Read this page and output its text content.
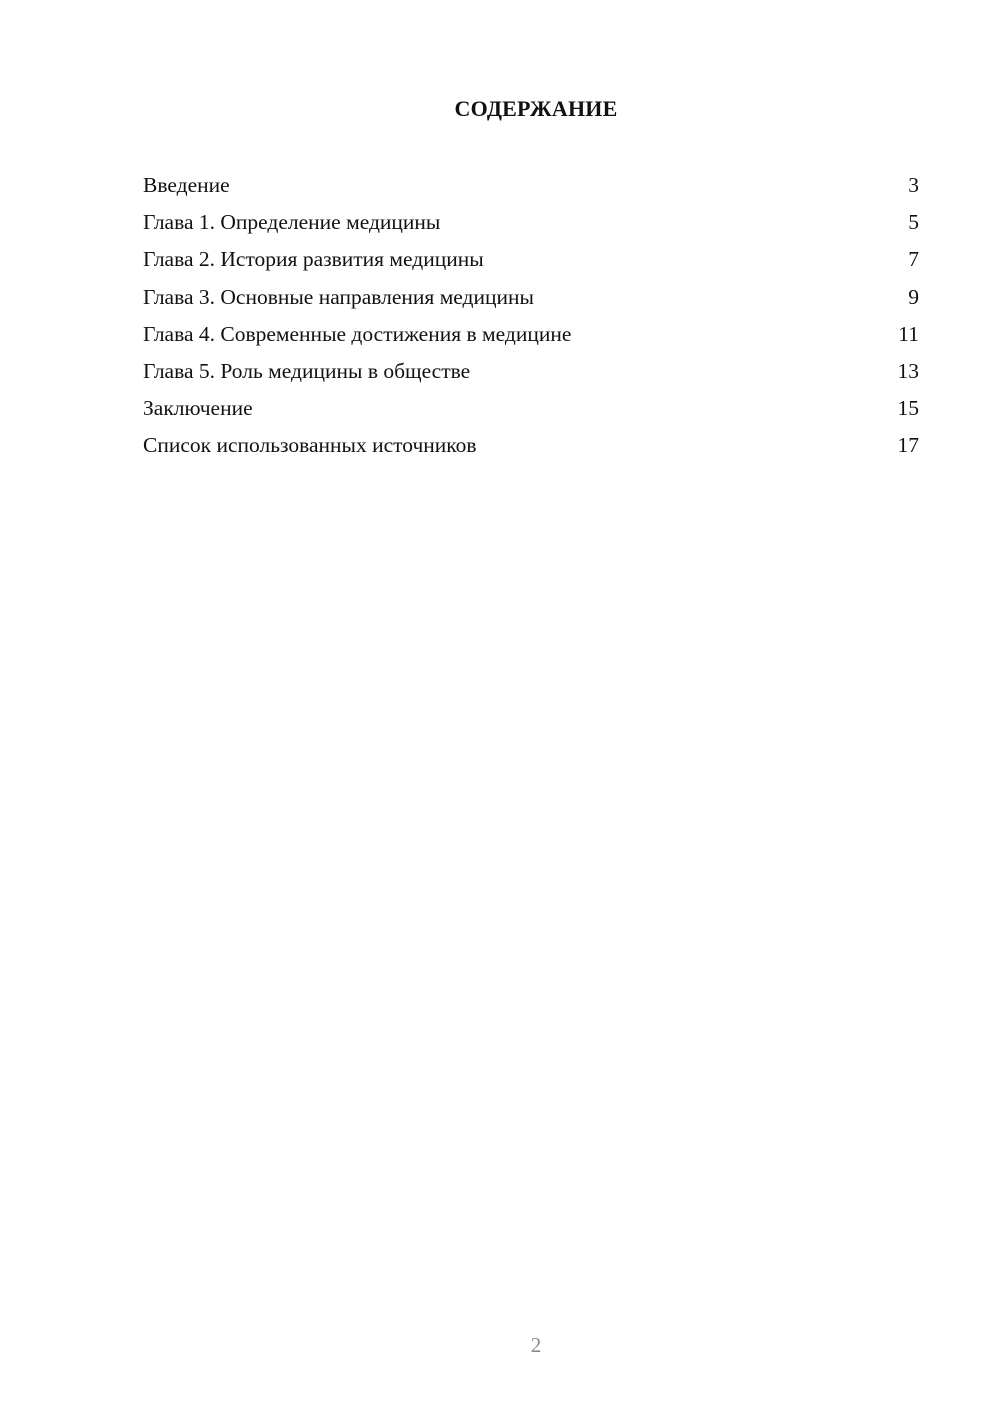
СОДЕРЖАНИЕ
Введение	3
Глава 1. Определение медицины	5
Глава 2. История развития медицины	7
Глава 3. Основные направления медицины	9
Глава 4. Современные достижения в медицине	11
Глава 5. Роль медицины в обществе	13
Заключение	15
Список использованных источников	17
2
